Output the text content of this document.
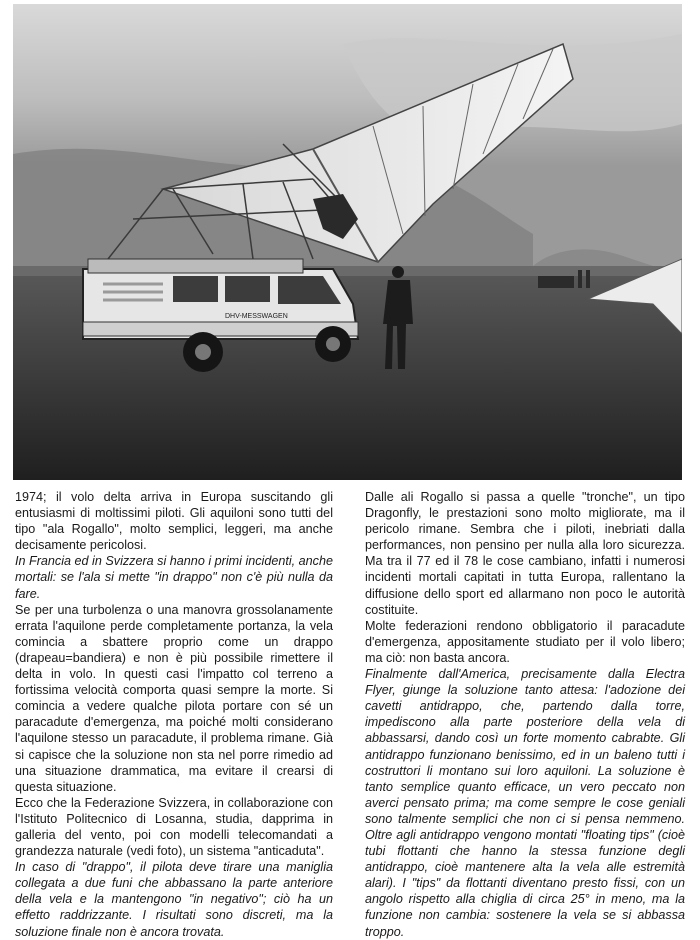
DHV-MESSWAGEN

1974; il volo delta arriva in Europa suscitando gli entusiasmi di moltissimi piloti. Gli aquiloni sono tutti del tipo "ala Rogallo", molto semplici, leggeri, ma anche decisamente pericolosi.

In Francia ed in Svizzera si hanno i primi incidenti, anche mortali: se l'ala si mette "in drappo" non c'è più nulla da fare.

Se per una turbolenza o una manovra grossolanamente errata l'aquilone perde completamente portanza, la vela comincia a sbattere proprio come un drappo (drapeau=bandiera) e non è più possibile rimettere il delta in volo. In questi casi l'impatto col terreno a fortissima velocità comporta quasi sempre la morte. Si comincia a vedere qualche pilota portare con sé un paracadute d'emergenza, ma poiché molti considerano l'aquilone stesso un paracadute, il problema rimane. Già si capisce che la soluzione non sta nel porre rimedio ad una situazione drammatica, ma evitare il crearsi di questa situazione.

Ecco che la Federazione Svizzera, in collaborazione con l'Istituto Politecnico di Losanna, studia, dapprima in galleria del vento, poi con modelli telecomandati a grandezza naturale (vedi foto), un sistema "anticaduta".

In caso di "drappo", il pilota deve tirare una maniglia collegata a due funi che abbassano la parte anteriore della vela e la mantengono "in negativo"; ciò ha un effetto raddrizzante. I risultati sono discreti, ma la soluzione finale non è ancora trovata.

Dalle ali Rogallo si passa a quelle "tronche", un tipo Dragonfly, le prestazioni sono molto migliorate, ma il pericolo rimane. Sembra che i piloti, inebriati dalla performances, non pensino per nulla alla loro sicurezza. Ma tra il 77 ed il 78 le cose cambiano, infatti i numerosi incidenti mortali capitati in tutta Europa, rallentano la diffusione dello sport ed allarmano non poco le autorità costituite.

Molte federazioni rendono obbligatorio il paracadute d'emergenza, appositamente studiato per il volo libero; ma ciò: non basta ancora.

Finalmente dall'America, precisamente dalla Electra Flyer, giunge la soluzione tanto attesa: l'adozione dei cavetti antidrappo, che, partendo dalla torre, impediscono alla parte posteriore della vela di abbassarsi, dando così un forte momento cabrabte. Gli antidrappo funzionano benissimo, ed in un baleno tutti i costruttori li montano sui loro aquiloni. La soluzione è tanto semplice quanto efficace, un vero peccato non averci pensato prima; ma come sempre le cose geniali sono talmente semplici che non ci si pensa nemmeno. Oltre agli antidrappo vengono montati "floating tips" (cioè tubi flottanti che hanno la stessa funzione degli antidrappo, cioè mantenere alta la vela alle estremità alari). I "tips" da flottanti diventano presto fissi, con un angolo rispetto alla chiglia di circa 25° in meno, ma la funzione non cambia: sostenere la vela se si abbassa troppo.
